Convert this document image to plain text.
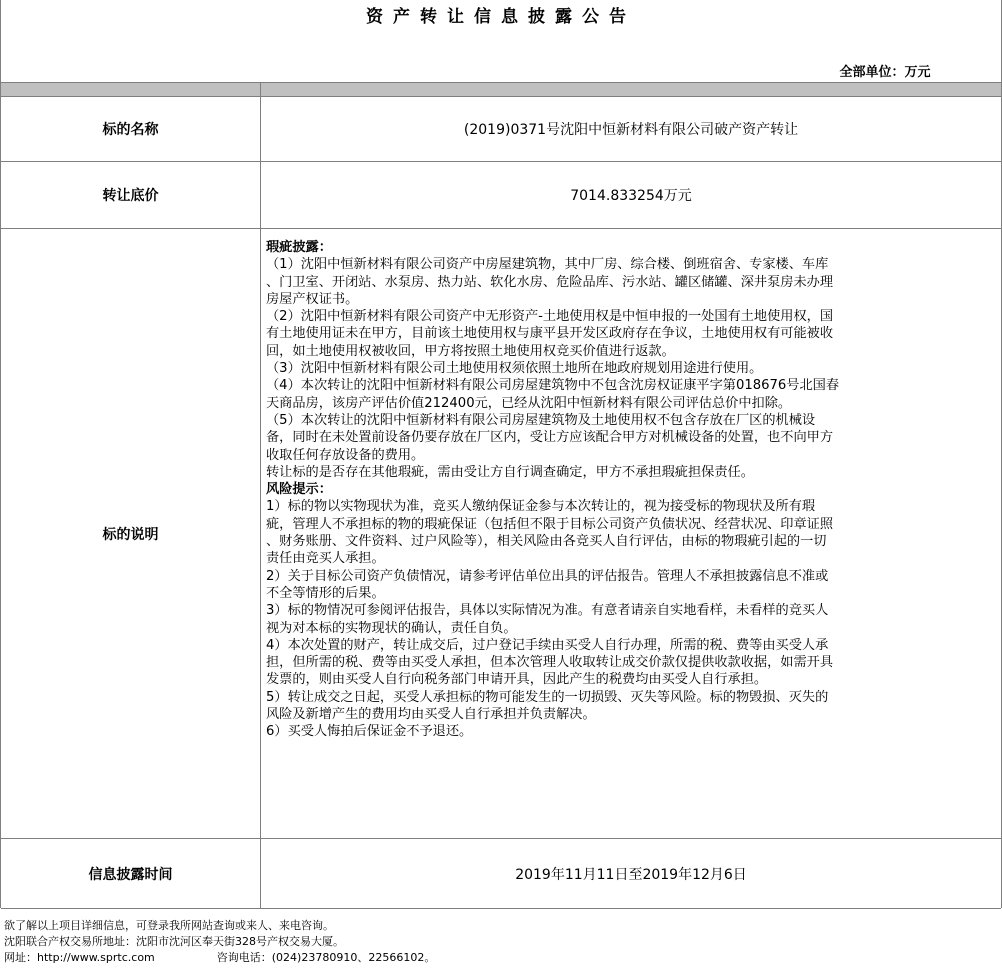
资产转让信息披露公告
全部单位：万元
标的名称	(2019)0371号沈阳中恒新材料有限公司破产资产转让
转让底价	7014.833254万元
标的说明
瑕疵披露：
（1）沈阳中恒新材料有限公司资产中房屋建筑物，其中厂房、综合楼、倒班宿舍、专家楼、车库
、门卫室、开闭站、水泵房、热力站、软化水房、危险品库、污水站、罐区储罐、深井泵房未办理
房屋产权证书。
（2）沈阳中恒新材料有限公司资产中无形资产-土地使用权是中恒申报的一处国有土地使用权，国
有土地使用证未在甲方，目前该土地使用权与康平县开发区政府存在争议，土地使用权有可能被收
回，如土地使用权被收回，甲方将按照土地使用权竞买价值进行返款。
（3）沈阳中恒新材料有限公司土地使用权须依照土地所在地政府规划用途进行使用。
（4）本次转让的沈阳中恒新材料有限公司房屋建筑物中不包含沈房权证康平字第018676号北国春
天商品房，该房产评估价值212400元，已经从沈阳中恒新材料有限公司评估总价中扣除。
（5）本次转让的沈阳中恒新材料有限公司房屋建筑物及土地使用权不包含存放在厂区的机械设
备，同时在未处置前设备仍要存放在厂区内，受让方应该配合甲方对机械设备的处置，也不向甲方
收取任何存放设备的费用。
转让标的是否存在其他瑕疵，需由受让方自行调查确定，甲方不承担瑕疵担保责任。
风险提示：
1）标的物以实物现状为准，竞买人缴纳保证金参与本次转让的，视为接受标的物现状及所有瑕
疵，管理人不承担标的物的瑕疵保证（包括但不限于目标公司资产负债状况、经营状况、印章证照
、财务账册、文件资料、过户风险等），相关风险由各竞买人自行评估，由标的物瑕疵引起的一切
责任由竞买人承担。
2）关于目标公司资产负债情况，请参考评估单位出具的评估报告。管理人不承担披露信息不准或
不全等情形的后果。
3）标的物情况可参阅评估报告，具体以实际情况为准。有意者请亲自实地看样，未看样的竞买人
视为对本标的实物现状的确认，责任自负。
4）本次处置的财产，转让成交后，过户登记手续由买受人自行办理，所需的税、费等由买受人承
担，但所需的税、费等由买受人承担，但本次管理人收取转让成交价款仅提供收款收据，如需开具
发票的，则由买受人自行向税务部门申请开具，因此产生的税费均由买受人自行承担。
5）转让成交之日起，买受人承担标的物可能发生的一切损毁、灭失等风险。标的物毁损、灭失的
风险及新增产生的费用均由买受人自行承担并负责解决。
6）买受人悔拍后保证金不予退还。
信息披露时间	2019年11月11日至2019年12月6日
欲了解以上项目详细信息，可登录我所网站查询或来人、来电咨询。
沈阳联合产权交易所地址：沈阳市沈河区奉天街328号产权交易大厦。
网址：http://www.sprtc.com	咨询电话：(024)23780910、22566102。
